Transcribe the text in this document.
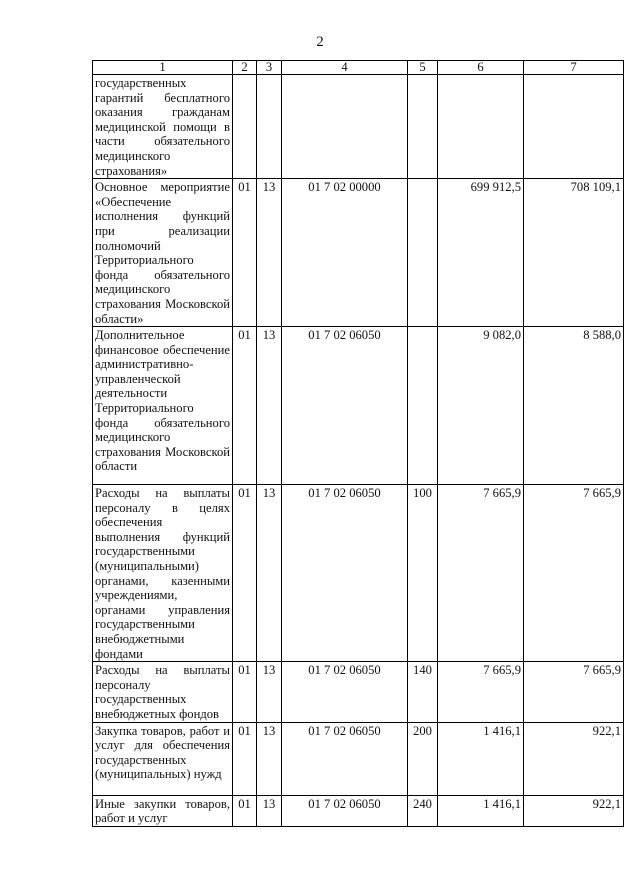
2
1	2	3	4	5	6	7
государственных гарантий бесплатного оказания гражданам медицинской помощи в части обязательного медицинского страхования»						
Основное мероприятие «Обеспечение исполнения функций при реализации полномочий Территориального фонда обязательного медицинского страхования Московской области»	01	13	01 7 02 00000		699 912,5	708 109,1
Дополнительное финансовое обеспечение административно-управленческой деятельности Территориального фонда обязательного медицинского страхования Московской области	01	13	01 7 02 06050		9 082,0	8 588,0
Расходы на выплаты персоналу в целях обеспечения выполнения функций государственными (муниципальными) органами, казенными учреждениями, органами управления государственными внебюджетными фондами	01	13	01 7 02 06050	100	7 665,9	7 665,9
Расходы на выплаты персоналу государственных внебюджетных фондов	01	13	01 7 02 06050	140	7 665,9	7 665,9
Закупка товаров, работ и услуг для обеспечения государственных (муниципальных) нужд	01	13	01 7 02 06050	200	1 416,1	922,1
Иные закупки товаров, работ и услуг	01	13	01 7 02 06050	240	1 416,1	922,1
